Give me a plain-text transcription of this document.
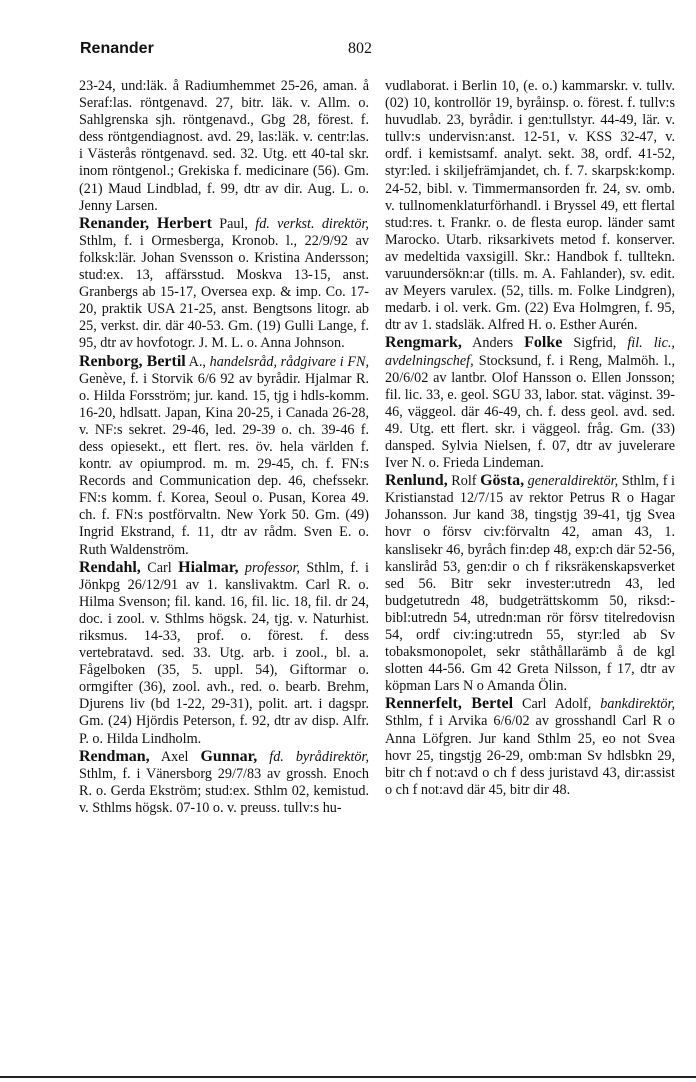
Renander	802

23-24, und:läk. å Radiumhemmet 25-26, aman. å Seraf:las. röntgenavd. 27, bitr. läk. v. Allm. o. Sahlgrenska sjh. röntgenavd., Gbg 28, förest. f. dess röntgendiagnost. avd. 29, las:läk. v. centr:las. i Västerås röntgenavd. sed. 32. Utg. ett 40-tal skr. inom röntgenol.; Grekiska f. medicinare (56). Gm. (21) Maud Lindblad, f. 99, dtr av dir. Aug. L. o. Jenny Larsen.

Renander, Herbert Paul, fd. verkst. direktör, Sthlm, f. i Ormesberga, Kronob. l., 22/9/92 av folksk:lär. Johan Svensson o. Kristina Andersson; stud:ex. 13, affärsstud. Moskva 13-15, anst. Granbergs ab 15-17, Oversea exp. & imp. Co. 17-20, praktik USA 21-25, anst. Bengtsons litogr. ab 25, verkst. dir. där 40-53. Gm. (19) Gulli Lange, f. 95, dtr av hovfotogr. J. M. L. o. Anna Johnson.

Renborg, Bertil A., handelsråd, rådgivare i FN, Genève, f. i Storvik 6/6 92 av byrådir. Hjalmar R. o. Hilda Forsström; jur. kand. 15, tjg i hdls-komm. 16-20, hdlsatt. Japan, Kina 20-25, i Canada 26-28, v. NF:s sekret. 29-46, led. 29-39 o. ch. 39-46 f. dess opiesekt., ett flert. res. öv. hela världen f. kontr. av opiumprod. m. m. 29-45, ch. f. FN:s Records and Communication dep. 46, chefssekr. FN:s komm. f. Korea, Seoul o. Pusan, Korea 49. ch. f. FN:s postförvaltn. New York 50. Gm. (49) Ingrid Ekstrand, f. 11, dtr av rådm. Sven E. o. Ruth Waldenström.

Rendahl, Carl Hialmar, professor, Sthlm, f. i Jönkpg 26/12/91 av 1. kanslivaktm. Carl R. o. Hilma Svenson; fil. kand. 16, fil. lic. 18, fil. dr 24, doc. i zool. v. Sthlms högsk. 24, tjg. v. Naturhist. riksmus. 14-33, prof. o. förest. f. dess vertebratavd. sed. 33. Utg. arb. i zool., bl. a. Fågelboken (35, 5. uppl. 54), Giftormar o. ormgifter (36), zool. avh., red. o. bearb. Brehm, Djurens liv (bd 1-22, 29-31), polit. art. i dagspr. Gm. (24) Hjördis Peterson, f. 92, dtr av disp. Alfr. P. o. Hilda Lindholm.

Rendman, Axel Gunnar, fd. byrådirektör, Sthlm, f. i Vänersborg 29/7/83 av grossh. Enoch R. o. Gerda Ekström; stud:ex. Sthlm 02, kemistud. v. Sthlms högsk. 07-10 o. v. preuss. tullv:s hu-

vudlaborat. i Berlin 10, (e. o.) kammarskr. v. tullv. (02) 10, kontrollör 19, byråinsp. o. förest. f. tullv:s huvudlab. 23, byrådir. i gen:tullstyr. 44-49, lär. v. tullv:s undervisn:anst. 12-51, v. KSS 32-47, v. ordf. i kemistsamf. analyt. sekt. 38, ordf. 41-52, styr:led. i skiljefrämjandet, ch. f. 7. skarpsk:komp. 24-52, bibl. v. Timmermansorden fr. 24, sv. omb. v. tullnomenklaturförhandl. i Bryssel 49, ett flertal stud:res. t. Frankr. o. de flesta europ. länder samt Marocko. Utarb. riksarkivets metod f. konserver. av medeltida vaxsigill. Skr.: Handbok f. tulltekn. varuundersökn:ar (tills. m. A. Fahlander), sv. edit. av Meyers varulex. (52, tills. m. Folke Lindgren), medarb. i ol. verk. Gm. (22) Eva Holmgren, f. 95, dtr av 1. stadsläk. Alfred H. o. Esther Aurén.

Rengmark, Anders Folke Sigfrid, fil. lic., avdelningschef, Stocksund, f. i Reng, Malmöh. l., 20/6/02 av lantbr. Olof Hansson o. Ellen Jonsson; fil. lic. 33, e. geol. SGU 33, labor. stat. väginst. 39-46, väggeol. där 46-49, ch. f. dess geol. avd. sed. 49. Utg. ett flert. skr. i väggeol. fråg. Gm. (33) dansped. Sylvia Nielsen, f. 07, dtr av juvelerare Iver N. o. Frieda Lindeman.

Renlund, Rolf Gösta, generaldirektör, Sthlm, f i Kristianstad 12/7/15 av rektor Petrus R o Hagar Johansson. Jur kand 38, tingstjg 39-41, tjg Svea hovr o försv civ:förvaltn 42, aman 43, 1. kanslisekr 46, byråch fin:dep 48, exp:ch där 52-56, kansliråd 53, gen:dir o ch f riksräkenskapsverket sed 56. Bitr sekr invester:utredn 43, led budgetutredn 48, budgeträttskomm 50, riksd:-bibl:utredn 54, utredn:man rör försv titelredovisn 54, ordf civ:ing:utredn 55, styr:led ab Sv tobaksmonopolet, sekr ståthållarämb å de kgl slotten 44-56. Gm 42 Greta Nilsson, f 17, dtr av köpman Lars N o Amanda Ölin.

Rennerfelt, Bertel Carl Adolf, bankdirektör, Sthlm, f i Arvika 6/6/02 av grosshandl Carl R o Anna Löfgren. Jur kand Sthlm 25, eo not Svea hovr 25, tingstjg 26-29, omb:man Sv hdlsbkn 29, bitr ch f not:avd o ch f dess juristavd 43, dir:assist o ch f not:avd där 45, bitr dir 48.
